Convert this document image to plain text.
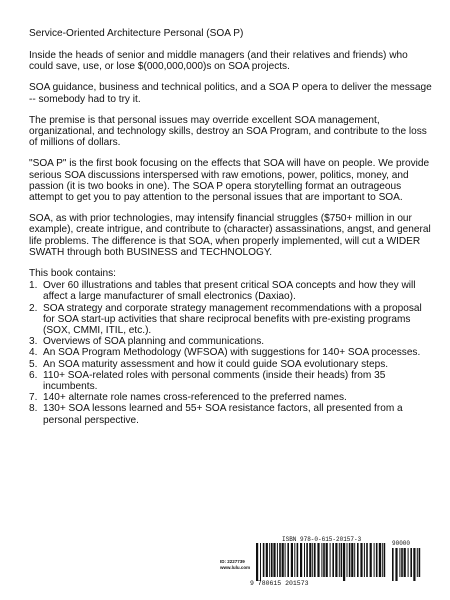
Service-Oriented Architecture Personal (SOA P)

Inside the heads of senior and middle managers (and their relatives and friends) who could save, use, or lose $(000,000,000)s on SOA projects.

SOA guidance, business and technical politics, and a SOA P opera to deliver the message
-- somebody had to try it.

The premise is that personal issues may override excellent SOA management, organizational, and technology skills, destroy an SOA Program, and contribute to the loss of millions of dollars.

"SOA P" is the first book focusing on the effects that SOA will have on people. We provide serious SOA discussions interspersed with raw emotions, power, politics, money, and passion (it is two books in one). The SOA P opera storytelling format an outrageous attempt to get you to pay attention to the personal issues that are important to SOA.

SOA, as with prior technologies, may intensify financial struggles ($750+ million in our example), create intrigue, and contribute to (character) assassinations, angst, and general life problems. The difference is that SOA, when properly implemented, will cut a WIDER SWATH through both BUSINESS and TECHNOLOGY.

This book contains:
1. Over 60 illustrations and tables that present critical SOA concepts and how they will affect a large manufacturer of small electronics (Daxiao).
2. SOA strategy and corporate strategy management recommendations with a proposal for SOA start-up activities that share reciprocal benefits with pre-existing programs (SOX, CMMI, ITIL, etc.).
3. Overviews of SOA planning and communications.
4. An SOA Program Methodology (WFSOA) with suggestions for 140+ SOA processes.
5. An SOA maturity assessment and how it could guide SOA evolutionary steps.
6. 110+ SOA-related roles with personal comments (inside their heads) from 35 incumbents.
7. 140+ alternate role names cross-referenced to the preferred names.
8. 130+ SOA lessons learned and 55+ SOA resistance factors, all presented from a personal perspective.
ID: 2227739
www.lulu.com
ISBN 978-0-615-20157-3
90000
9 780615 201573
